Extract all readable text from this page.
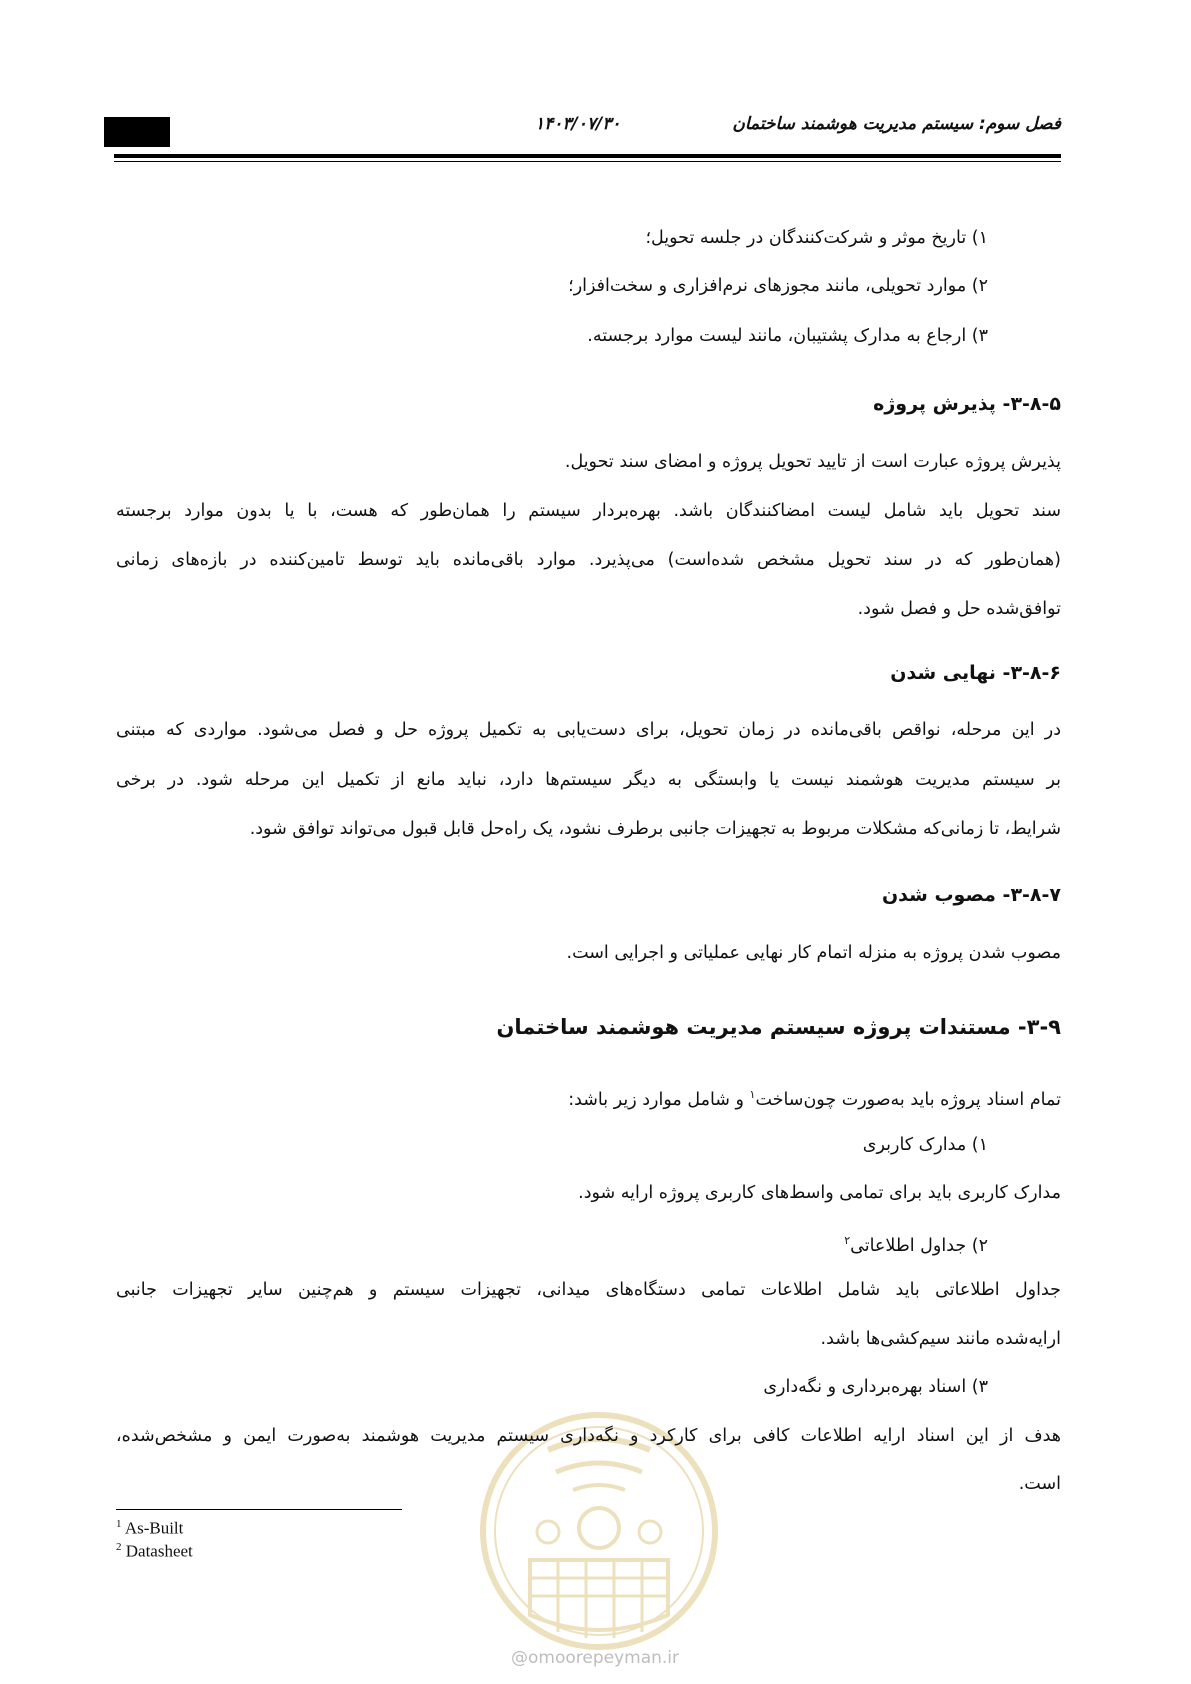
فصل سوم: سیستم مدیریت هوشمند ساختمان
۱۴۰۳/۰۷/۳۰
@omoorepeyman.ir
۱) تاریخ موثر و شرکت‌کنندگان در جلسه تحویل؛
۲) موارد تحویلی، مانند مجوزهای نرم‌افزاری و سخت‌افزار؛
۳) ارجاع به مدارک پشتیبان، مانند لیست موارد برجسته.
۳-۸-۵- پذیرش پروژه
پذیرش پروژه عبارت است از تایید تحویل پروژه و امضای سند تحویل.
سند تحویل باید شامل لیست امضاکنندگان باشد. بهره‌بردار سیستم را همان‌طور که هست، با یا بدون موارد برجسته
(همان‌طور که در سند تحویل مشخص شده‌است) می‌پذیرد. موارد باقی‌مانده باید توسط تامین‌کننده در بازه‌های زمانی
توافق‌شده حل و فصل شود.
۳-۸-۶- نهایی شدن
در این مرحله، نواقص باقی‌مانده در زمان تحویل، برای دست‌یابی به تکمیل پروژه حل و فصل می‌شود. مواردی که مبتنی
بر سیستم مدیریت هوشمند نیست یا وابستگی به دیگر سیستم‌ها دارد، نباید مانع از تکمیل این مرحله شود. در برخی
شرایط، تا زمانی‌که مشکلات مربوط به تجهیزات جانبی برطرف نشود، یک راه‌حل قابل قبول می‌تواند توافق شود.
۳-۸-۷- مصوب شدن
مصوب شدن پروژه به منزله اتمام کار نهایی عملیاتی و اجرایی است.
۳-۹- مستندات پروژه سیستم مدیریت هوشمند ساختمان
تمام اسناد پروژه باید به‌صورت چون‌ساخت$^۱$ و شامل موارد زیر باشد:
۱) مدارک کاربری
مدارک کاربری باید برای تمامی واسط‌های کاربری پروژه ارایه شود.
۲) جداول اطلاعاتی$^۲$
جداول اطلاعاتی باید شامل اطلاعات تمامی دستگاه‌های میدانی، تجهیزات سیستم و هم‌چنین سایر تجهیزات جانبی
ارایه‌شده مانند سیم‌کشی‌ها باشد.
۳) اسناد بهره‌برداری و نگه‌داری
هدف از این اسناد ارایه اطلاعات کافی برای کارکرد و نگه‌داری سیستم مدیریت هوشمند به‌صورت ایمن و مشخص‌شده،
است.
$^1$ As-Built
$^2$ Datasheet
